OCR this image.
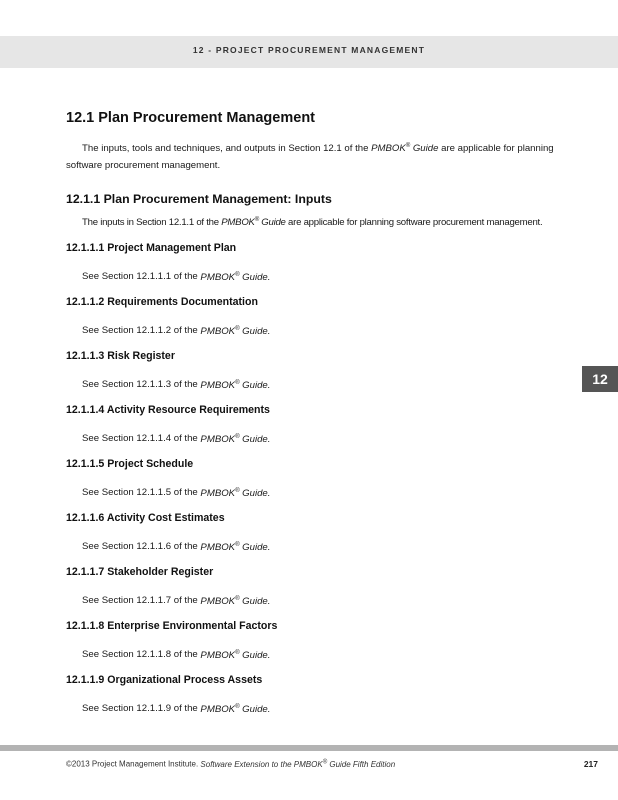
12 - PROJECT PROCUREMENT MANAGEMENT
12.1 Plan Procurement Management

The inputs, tools and techniques, and outputs in Section 12.1 of the PMBOK® Guide are applicable for planning software procurement management.

12.1.1 Plan Procurement Management: Inputs

The inputs in Section 12.1.1 of the PMBOK® Guide are applicable for planning software procurement management.

12.1.1.1 Project Management Plan
See Section 12.1.1.1 of the PMBOK® Guide.
12.1.1.2 Requirements Documentation
See Section 12.1.1.2 of the PMBOK® Guide.
12.1.1.3 Risk Register
See Section 12.1.1.3 of the PMBOK® Guide.
12.1.1.4 Activity Resource Requirements
See Section 12.1.1.4 of the PMBOK® Guide.
12.1.1.5 Project Schedule
See Section 12.1.1.5 of the PMBOK® Guide.
12.1.1.6 Activity Cost Estimates
See Section 12.1.1.6 of the PMBOK® Guide.
12.1.1.7 Stakeholder Register
See Section 12.1.1.7 of the PMBOK® Guide.
12.1.1.8 Enterprise Environmental Factors
See Section 12.1.1.8 of the PMBOK® Guide.
12.1.1.9 Organizational Process Assets
See Section 12.1.1.9 of the PMBOK® Guide.
12
©2013 Project Management Institute. Software Extension to the PMBOK® Guide Fifth Edition	217
